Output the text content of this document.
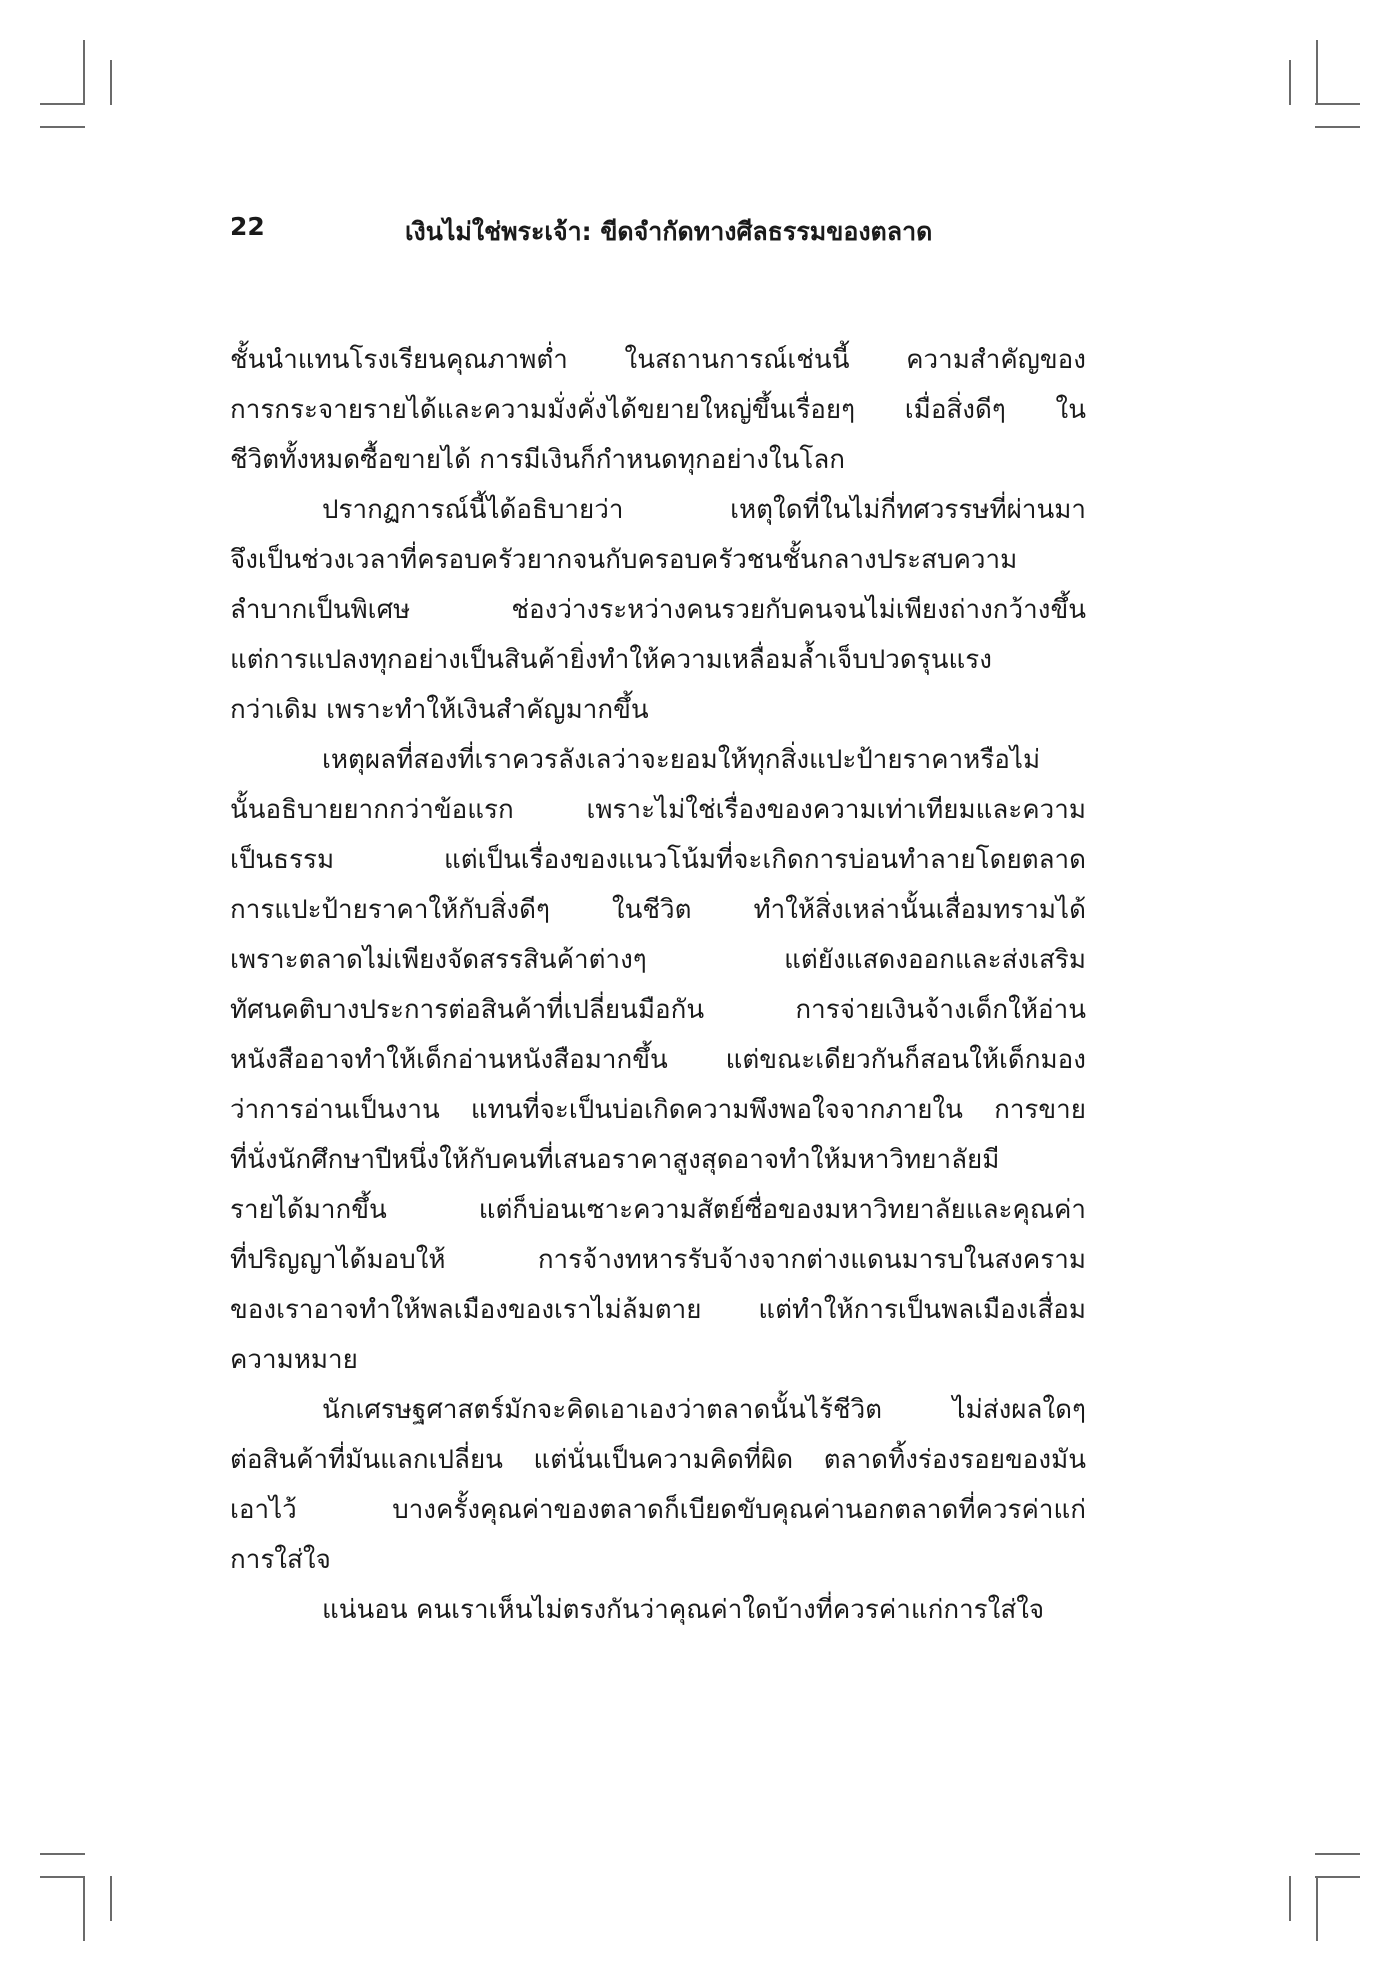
22	เงินไม่ใช่พระเจ้า: ขีดจำกัดทางศีลธรรมของตลาด
ชั้นนำแทนโรงเรียนคุณภาพต่ำ ในสถานการณ์เช่นนี้ ความสำคัญของ
การกระจายรายได้และความมั่งคั่งได้ขยายใหญ่ขึ้นเรื่อยๆ เมื่อสิ่งดีๆ ใน
ชีวิตทั้งหมดซื้อขายได้ การมีเงินก็กำหนดทุกอย่างในโลก
ปรากฏการณ์นี้ได้อธิบายว่า เหตุใดที่ในไม่กี่ทศวรรษที่ผ่านมา
จึงเป็นช่วงเวลาที่ครอบครัวยากจนกับครอบครัวชนชั้นกลางประสบความ
ลำบากเป็นพิเศษ ช่องว่างระหว่างคนรวยกับคนจนไม่เพียงถ่างกว้างขึ้น
แต่การแปลงทุกอย่างเป็นสินค้ายิ่งทำให้ความเหลื่อมล้ำเจ็บปวดรุนแรง
กว่าเดิม เพราะทำให้เงินสำคัญมากขึ้น
เหตุผลที่สองที่เราควรลังเลว่าจะยอมให้ทุกสิ่งแปะป้ายราคาหรือไม่
นั้นอธิบายยากกว่าข้อแรก เพราะไม่ใช่เรื่องของความเท่าเทียมและความ
เป็นธรรม แต่เป็นเรื่องของแนวโน้มที่จะเกิดการบ่อนทำลายโดยตลาด
การแปะป้ายราคาให้กับสิ่งดีๆ ในชีวิต ทำให้สิ่งเหล่านั้นเสื่อมทรามได้
เพราะตลาดไม่เพียงจัดสรรสินค้าต่างๆ แต่ยังแสดงออกและส่งเสริม
ทัศนคติบางประการต่อสินค้าที่เปลี่ยนมือกัน การจ่ายเงินจ้างเด็กให้อ่าน
หนังสืออาจทำให้เด็กอ่านหนังสือมากขึ้น แต่ขณะเดียวกันก็สอนให้เด็กมอง
ว่าการอ่านเป็นงาน แทนที่จะเป็นบ่อเกิดความพึงพอใจจากภายใน การขาย
ที่นั่งนักศึกษาปีหนึ่งให้กับคนที่เสนอราคาสูงสุดอาจทำให้มหาวิทยาลัยมี
รายได้มากขึ้น แต่ก็บ่อนเซาะความสัตย์ซื่อของมหาวิทยาลัยและคุณค่า
ที่ปริญญาได้มอบให้ การจ้างทหารรับจ้างจากต่างแดนมารบในสงคราม
ของเราอาจทำให้พลเมืองของเราไม่ล้มตาย แต่ทำให้การเป็นพลเมืองเสื่อม
ความหมาย
นักเศรษฐศาสตร์มักจะคิดเอาเองว่าตลาดนั้นไร้ชีวิต ไม่ส่งผลใดๆ
ต่อสินค้าที่มันแลกเปลี่ยน แต่นั่นเป็นความคิดที่ผิด ตลาดทิ้งร่องรอยของมัน
เอาไว้ บางครั้งคุณค่าของตลาดก็เบียดขับคุณค่านอกตลาดที่ควรค่าแก่
การใส่ใจ
แน่นอน คนเราเห็นไม่ตรงกันว่าคุณค่าใดบ้างที่ควรค่าแก่การใส่ใจ
